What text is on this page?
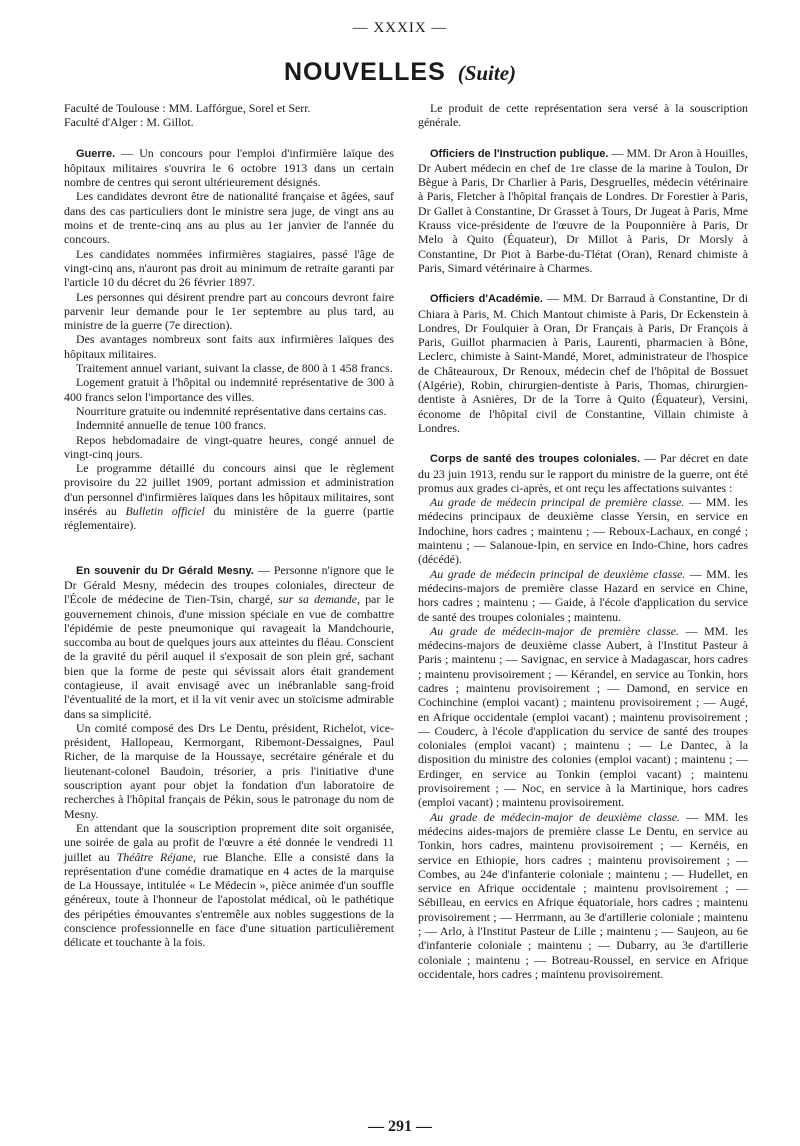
— XXXIX —
NOUVELLES (Suite)

Faculté de Toulouse : MM. Laffórgue, Sorel et Serr.

Faculté d'Alger : M. Gillot.

Guerre. — Un concours pour l'emploi d'infirmière laïque des hôpitaux militaires s'ouvrira le 6 octobre 1913 dans un certain nombre de centres qui seront ultérieurement désignés.

Les candidates devront être de nationalité française et âgées, sauf dans des cas particuliers dont le ministre sera juge, de vingt ans au moins et de trente-cinq ans au plus au 1er janvier de l'année du concours.

Les candidates nommées infirmières stagiaires, passé l'âge de vingt-cinq ans, n'auront pas droit au minimum de retraite garanti par l'article 10 du décret du 26 février 1897.

Les personnes qui désirent prendre part au concours devront faire parvenir leur demande pour le 1er septembre au plus tard, au ministre de la guerre (7e direction).

Des avantages nombreux sont faits aux infirmières laïques des hôpitaux militaires.

Traitement annuel variant, suivant la classe, de 800 à 1 458 francs.

Logement gratuit à l'hôpital ou indemnité représentative de 300 à 400 francs selon l'importance des villes.

Nourriture gratuite ou indemnité représentative dans certains cas.

Indemnité annuelle de tenue 100 francs.

Repos hebdomadaire de vingt-quatre heures, congé annuel de vingt-cinq jours.

Le programme détaillé du concours ainsi que le règlement provisoire du 22 juillet 1909, portant admission et administration d'un personnel d'infirmières laïques dans les hôpitaux militaires, sont insérés au Bulletin officiel du ministère de la guerre (partie réglementaire).

En souvenir du Dr Gérald Mesny. — Personne n'ignore que le Dr Gérald Mesny, médecin des troupes coloniales, directeur de l'École de médecine de Tien-Tsin, chargé, sur sa demande, par le gouvernement chinois, d'une mission spéciale en vue de combattre l'épidémie de peste pneumonique qui ravageait la Mandchourie, succomba au bout de quelques jours aux atteintes du fléau. Conscient de la gravité du péril auquel il s'exposait de son plein gré, sachant bien que la forme de peste qui sévissait alors était grandement contagieuse, il avait envisagé avec un inébranlable sang-froid l'éventualité de la mort, et il la vit venir avec un stoïcisme admirable dans sa simplicité.

Un comité composé des Drs Le Dentu, président, Richelot, vice-président, Hallopeau, Kermorgant, Ribemont-Dessaignes, Paul Richer, de la marquise de la Houssaye, secrétaire générale et du lieutenant-colonel Baudoin, trésorier, a pris l'initiative d'une souscription ayant pour objet la fondation d'un laboratoire de recherches à l'hôpital français de Pékin, sous le patronage du nom de Mesny.

En attendant que la souscription proprement dite soit organisée, une soirée de gala au profit de l'œuvre a été donnée le vendredi 11 juillet au Théâtre Réjane, rue Blanche. Elle a consisté dans la représentation d'une comédie dramatique en 4 actes de la marquise de La Houssaye, intitulée « Le Médecin », pièce animée d'un souffle généreux, toute à l'honneur de l'apostolat médical, où le pathétique des péripéties émouvantes s'entremêle aux nobles suggestions de la conscience professionnelle en face d'une situation particulièrement délicate et touchante à la fois.

Le produit de cette représentation sera versé à la souscription générale.

Officiers de l'Instruction publique. — MM. Dr Aron à Houilles, Dr Aubert médecin en chef de 1re classe de la marine à Toulon, Dr Bègue à Paris, Dr Charlier à Paris, Desgruelles, médecin vétérinaire à Paris, Fletcher à l'hôpital français de Londres. Dr Forestier à Paris, Dr Gallet à Constantine, Dr Grasset à Tours, Dr Jugeat à Paris, Mme Krauss vice-présidente de l'œuvre de la Pouponnière à Paris, Dr Melo à Quito (Équateur), Dr Millot à Paris, Dr Morsly à Constantine, Dr Piot à Barbe-du-Tlétat (Oran), Renard chimiste à Paris, Simard vétérinaire à Charmes.

Officiers d'Académie. — MM. Dr Barraud à Constantine, Dr di Chiara à Paris, M. Chich Mantout chimiste à Paris, Dr Eckenstein à Londres, Dr Foulquier à Oran, Dr Français à Paris, Dr François à Paris, Guillot pharmacien à Paris, Laurenti, pharmacien à Bône, Leclerc, chimiste à Saint-Mandé, Moret, administrateur de l'hospice de Châteauroux, Dr Renoux, médecin chef de l'hôpital de Bossuet (Algérie), Robin, chirurgien-dentiste à Paris, Thomas, chirurgien-dentiste à Asnières, Dr de la Torre à Quito (Équateur), Versini, économe de l'hôpital civil de Constantine, Villain chimiste à Londres.

Corps de santé des troupes coloniales. — Par décret en date du 23 juin 1913, rendu sur le rapport du ministre de la guerre, ont été promus aux grades ci-après, et ont reçu les affectations suivantes :

Au grade de médecin principal de première classe. — MM. les médecins principaux de deuxième classe Yersin, en service en Indochine, hors cadres ; maintenu ; — Reboux-Lachaux, en congé ; maintenu ; — Salanoue-Ipin, en service en Indo-Chine, hors cadres (décédé).

Au grade de médecin principal de deuxième classe. — MM. les médecins-majors de première classe Hazard en service en Chine, hors cadres ; maintenu ; — Gaide, à l'école d'application du service de santé des troupes coloniales ; maintenu.

Au grade de médecin-major de première classe. — MM. les médecins-majors de deuxième classe Aubert, à l'Institut Pasteur à Paris ; maintenu ; — Savignac, en service à Madagascar, hors cadres ; maintenu provisoirement ; — Kérandel, en service au Tonkin, hors cadres ; maintenu provisoirement ; — Damond, en service en Cochinchine (emploi vacant) ; maintenu provisoirement ; — Augé, en Afrique occidentale (emploi vacant) ; maintenu provisoirement ; — Couderc, à l'école d'application du service de santé des troupes coloniales (emploi vacant) ; maintenu ; — Le Dantec, à la disposition du ministre des colonies (emploi vacant) ; maintenu ; — Erdinger, en service au Tonkin (emploi vacant) ; maintenu provisoirement ; — Noc, en service à la Martinique, hors cadres (emploi vacant) ; maintenu provisoirement.

Au grade de médecin-major de deuxième classe. — MM. les médecins aides-majors de première classe Le Dentu, en service au Tonkin, hors cadres, maintenu provisoirement ; — Kernéis, en service en Ethiopie, hors cadres ; maintenu provisoirement ; — Combes, au 24e d'infanterie coloniale ; maintenu ; — Hudellet, en service en Afrique occidentale ; maintenu provisoirement ; — Sébilleau, en eervics en Afrique équatoriale, hors cadres ; maintenu provisoirement ; — Herrmann, au 3e d'artillerie coloniale ; maintenu ; — Arlo, à l'Institut Pasteur de Lille ; maintenu ; — Saujeon, au 6e d'infanterie coloniale ; maintenu ; — Dubarry, au 3e d'artillerie coloniale ; maintenu ; — Botreau-Roussel, en service en Afrique occidentale, hors cadres ; maintenu provisoirement.

— 291 —
